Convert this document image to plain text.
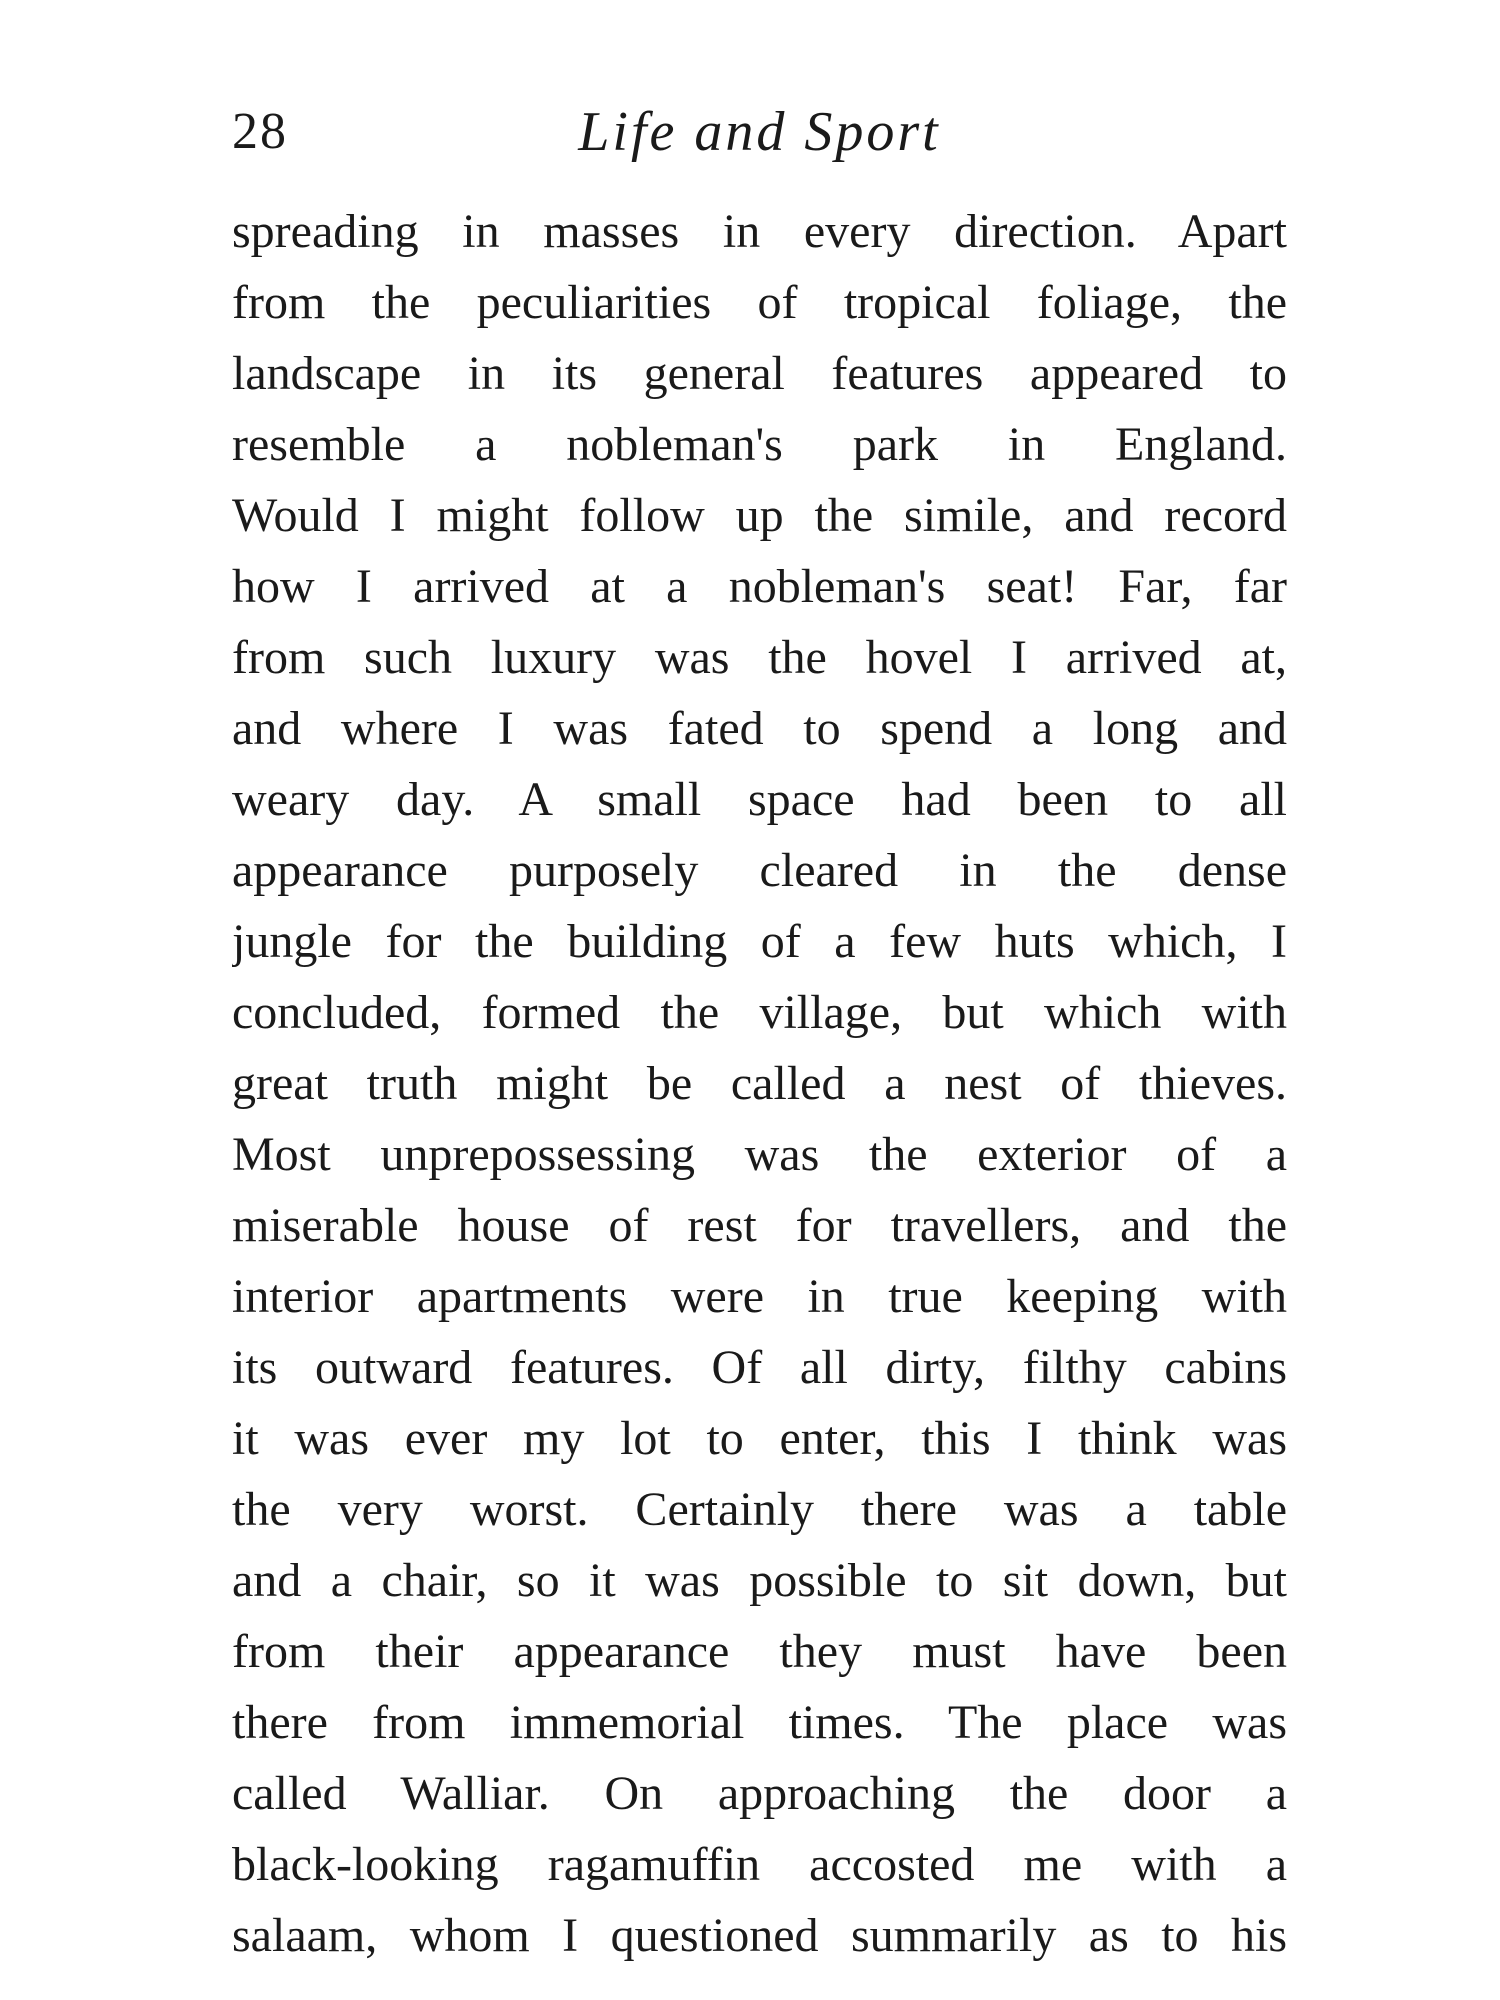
28	Life and Sport
spreading in masses in every direction. Apart
from the peculiarities of tropical foliage, the
landscape in its general features appeared to
resemble a nobleman's park in England.
Would I might follow up the simile, and record
how I arrived at a nobleman's seat! Far, far
from such luxury was the hovel I arrived at,
and where I was fated to spend a long and
weary day. A small space had been to all
appearance purposely cleared in the dense
jungle for the building of a few huts which, I
concluded, formed the village, but which with
great truth might be called a nest of thieves.
Most unprepossessing was the exterior of a
miserable house of rest for travellers, and the
interior apartments were in true keeping with
its outward features. Of all dirty, filthy cabins
it was ever my lot to enter, this I think was
the very worst. Certainly there was a table
and a chair, so it was possible to sit down, but
from their appearance they must have been
there from immemorial times. The place was
called Walliar. On approaching the door a
black-looking ragamuffin accosted me with a
salaam, whom I questioned summarily as to his
